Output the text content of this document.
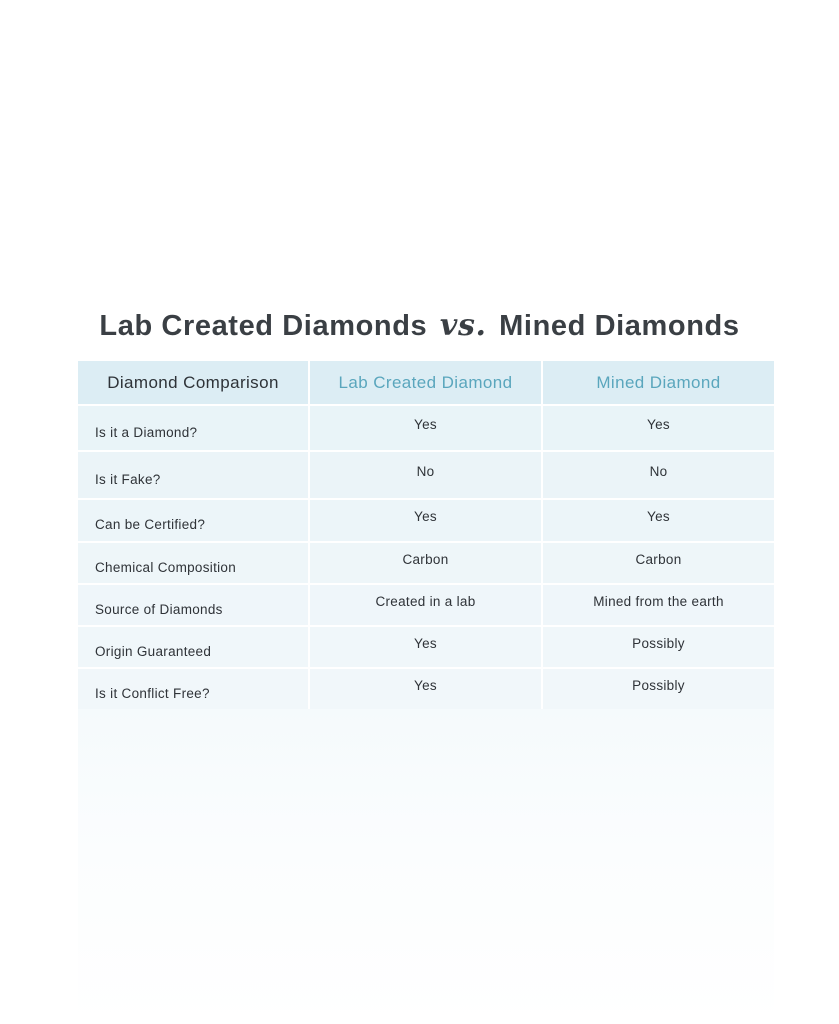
Lab Created Diamonds vs. Mined Diamonds
Diamond Comparison	Lab Created Diamond	Mined Diamond
Is it a Diamond?	Yes	Yes
Is it Fake?	No	No
Can be Certified?	Yes	Yes
Chemical Composition	Carbon	Carbon
Source of Diamonds	Created in a lab	Mined from the earth
Origin Guaranteed	Yes	Possibly
Is it Conflict Free?	Yes	Possibly
